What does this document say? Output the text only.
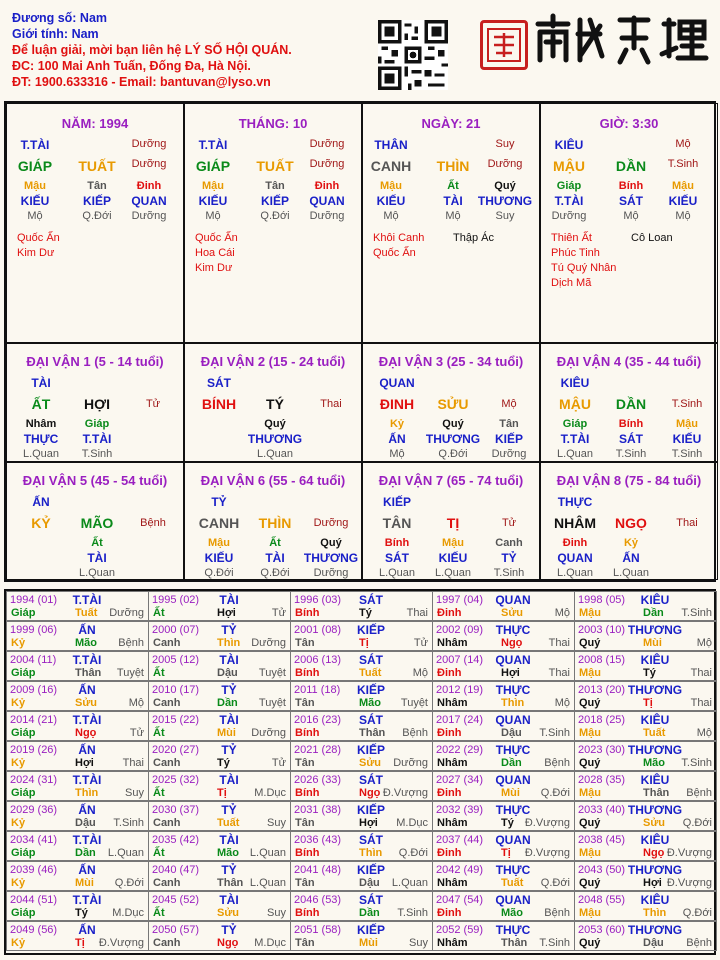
Đương số: Nam
Giới tính: Nam
Để luận giải, mời bạn liên hệ LÝ SỐ HỘI QUÁN.
ĐC: 100 Mai Anh Tuấn, Đống Đa, Hà Nội.
ĐT: 1900.633316 - Email: bantuvan@lyso.vn
NĂM: 1994
T.TÀI	Dưỡng
GIÁP TUẤT Dưỡng
Mậu	Tân	Đinh
KIẾU	KIẾP QUAN
Mộ	Q.Đới Dưỡng
Quốc Ấn
Kim Dư
THÁNG: 10
T.TÀI	Dưỡng
GIÁP TUẤT Dưỡng
Mậu	Tân	Đinh
KIẾU	KIẾP QUAN
Mộ	Q.Đới Dưỡng
Quốc Ấn
Hoa Cái
Kim Dư
NGÀY: 21
THÂN	Suy
CANH THÌN Dưỡng
Mậu	Ất	Quý
KIẾU	TÀI THƯƠNG
Mộ	Mộ	Suy
Khôi Canh
Quốc Ấn
Thập Ác
GIỜ: 3:30
KIÊU	Mộ
MẬU DẦN T.Sinh
Giáp	Bính	Mậu
T.TÀI	SÁT KIẾU
Dưỡng	Mộ	Mộ
Thiên Ất
Phúc Tinh
Tú Quý Nhân
Dịch Mã
Cô Loan
ĐẠI VẬN 1 (5 - 14 tuổi)
TÀI
ẤT HỢI	Tử
Nhâm	Giáp
THỰC T.TÀI
L.Quan T.Sinh
ĐẠI VẬN 2 (15 - 24 tuổi)
SÁT
BÍNH TÝ	Thai
Quý
THƯƠNG
L.Quan
ĐẠI VẬN 3 (25 - 34 tuổi)
QUAN
ĐINH SỬU	Mộ
Kỷ	Quý	Tân
ẤN THƯƠNG KIẾP
Mộ	Q.Đới Dưỡng
ĐẠI VẬN 4 (35 - 44 tuổi)
KIÊU
MẬU DẦN T.Sinh
Giáp	Bính	Mậu
T.TÀI SÁT KIẾU
L.Quan T.Sinh T.Sinh
ĐẠI VẬN 5 (45 - 54 tuổi)
ẤN
KỶ MÃO Bệnh
Ất
TÀI
L.Quan
ĐẠI VẬN 6 (55 - 64 tuổi)
TỶ
CANH THÌN Dưỡng
Mậu	Ất	Quý
KIẾU	TÀI THƯƠNG
Q.Đới Q.Đới Dưỡng
ĐẠI VẬN 7 (65 - 74 tuổi)
KIẾP
TÂN	TỊ	Tử
Bính	Mậu	Canh
SÁT KIẾU	TỶ
L.Quan L.Quan T.Sinh
ĐẠI VẬN 8 (75 - 84 tuổi)
THỰC
NHÂM NGỌ	Thai
Đinh	Kỷ
QUAN ẤN
L.Quan L.Quan
1994 (01) T.TÀI
Giáp	Tuất Dưỡng
1995 (02) TÀI
Ất	Hợi	Tử
1996 (03) SÁT
Bính	Tý	Thai
1997 (04) QUAN
Đinh	Sửu	Mộ
1998 (05) KIÊU
Mậu	Dần T.Sinh
1999 (06) ẤN
Kỷ	Mão Bệnh
2000 (07) TỶ
Canh	Thìn Dưỡng
2001 (08) KIẾP
Tân	Tị	Tử
2002 (09) THỰC
Nhâm	Ngọ Thai
2003 (10) THƯƠNG
Quý	Mùi	Mộ
2004 (11) T.TÀI
Giáp	Thân Tuyệt
2005 (12) TÀI
Ất	Dậu Tuyệt
2006 (13) SÁT
Bính	Tuất	Mộ
2007 (14) QUAN
Đinh	Hợi	Thai
2008 (15) KIÊU
Mậu	Tý	Thai
2009 (16) ẤN
Kỷ	Sửu	Mộ
2010 (17) TỶ
Canh	Dần Tuyệt
2011 (18) KIẾP
Tân	Mão Tuyệt
2012 (19) THỰC
Nhâm	Thìn	Mộ
2013 (20) THƯƠNG
Quý	Tị	Thai
2014 (21) T.TÀI
Giáp	Ngọ	Tử
2015 (22) TÀI
Ất	Mùi Dưỡng
2016 (23) SÁT
Bính	Thân Bệnh
2017 (24) QUAN
Đinh	Dậu T.Sinh
2018 (25) KIÊU
Mậu	Tuất	Mộ
2019 (26) ẤN
Kỷ	Hợi	Thai
2020 (27) TỶ
Canh	Tý	Tử
2021 (28) KIẾP
Tân	Sửu Dưỡng
2022 (29) THỰC
Nhâm	Dần Bệnh
2023 (30) THƯƠNG
Quý	Mão T.Sinh
2024 (31) T.TÀI
Giáp	Thìn Suy
2025 (32) TÀI
Ất	Tị M.Dục
2026 (33) SÁT
Bính	Ngọ Đ.Vượng
2027 (34) QUAN
Đinh	Mùi Q.Đới
2028 (35) KIÊU
Mậu	Thân Bệnh
2029 (36) ẤN
Kỷ	Dậu T.Sinh
2030 (37) TỶ
Canh	Tuất	Suy
2031 (38) KIẾP
Tân	Hợi M.Dục
2032 (39) THỰC
Nhâm	Tý Đ.Vượng
2033 (40) THƯƠNG
Quý	Sửu Q.Đới
2034 (41) T.TÀI
Giáp	Dần L.Quan
2035 (42) TÀI
Ất	Mão L.Quan
2036 (43) SÁT
Bính	Thìn Q.Đới
2037 (44) QUAN
Đinh	Tị Đ.Vượng
2038 (45) KIÊU
Mậu	Ngọ Đ.Vượng
2039 (46) ẤN
Kỷ	Mùi Q.Đới
2040 (47) TỶ
Canh	Thân L.Quan
2041 (48) KIẾP
Tân	Dậu L.Quan
2042 (49) THỰC
Nhâm	Tuất Q.Đới
2043 (50) THƯƠNG
Quý	Hợi Đ.Vượng
2044 (51) T.TÀI
Giáp	Tý M.Dục
2045 (52) TÀI
Ất	Sửu	Suy
2046 (53) SÁT
Bính	Dần T.Sinh
2047 (54) QUAN
Đinh	Mão Bệnh
2048 (55) KIÊU
Mậu	Thìn Q.Đới
2049 (56) ẤN
Kỷ	Tị Đ.Vượng
2050 (57) TỶ
Canh	Ngọ M.Dục
2051 (58) KIẾP
Tân	Mùi	Suy
2052 (59) THỰC
Nhâm	Thân T.Sinh
2053 (60) THƯƠNG
Quý	Dậu Bệnh
